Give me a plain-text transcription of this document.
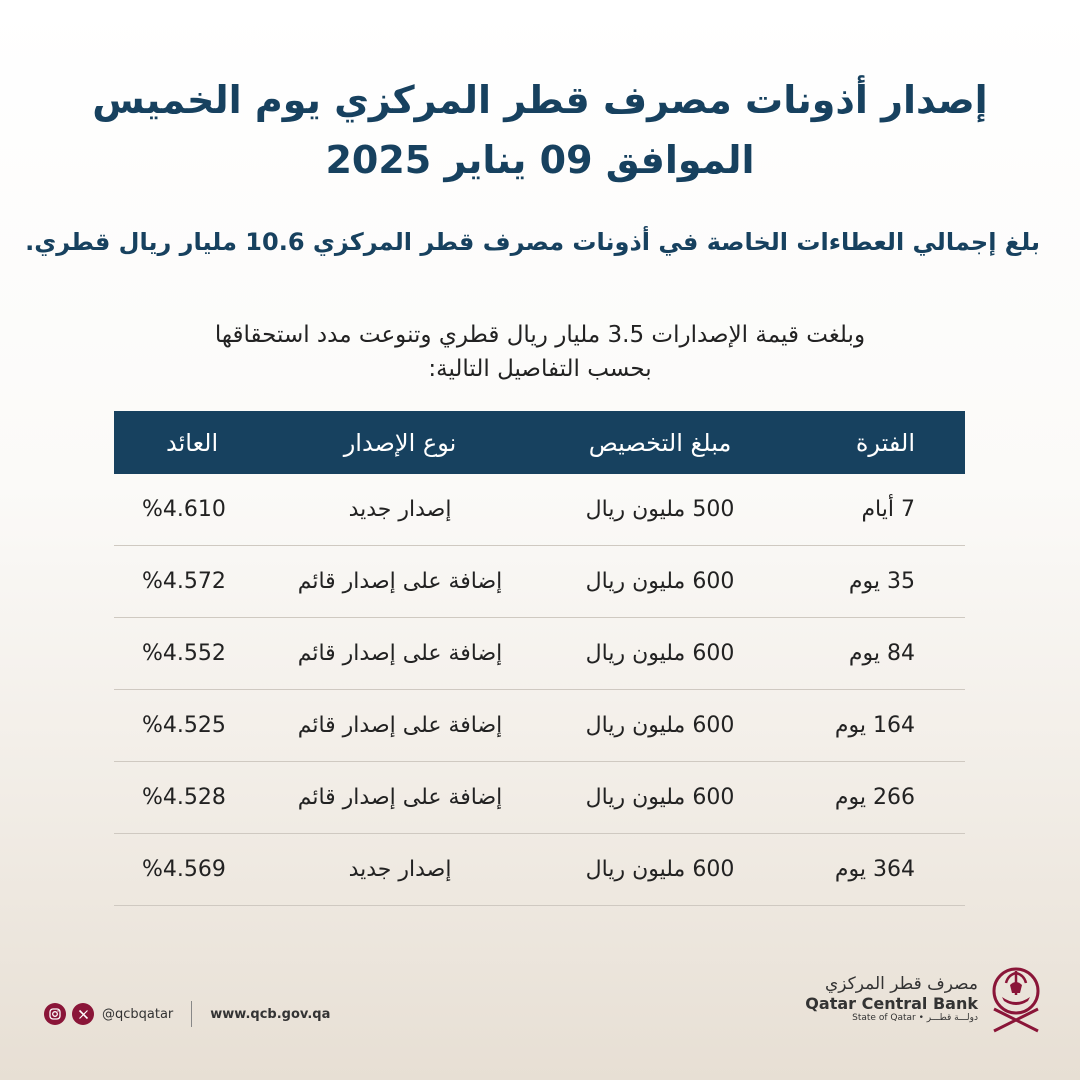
إصدار أذونات مصرف قطر المركزي يوم الخميس
الموافق 09 يناير 2025
بلغ إجمالي العطاءات الخاصة في أذونات مصرف قطر المركزي 10.6 مليار ريال قطري.
وبلغت قيمة الإصدارات 3.5 مليار ريال قطري وتنوعت مدد استحقاقها
بحسب التفاصيل التالية:
الفترة
مبلغ التخصيص
نوع الإصدار
العائد
7 أيام
500 مليون ريال
إصدار جديد
%4.610
35 يوم
600 مليون ريال
إضافة على إصدار قائم
%4.572
84 يوم
600 مليون ريال
إضافة على إصدار قائم
%4.552
164 يوم
600 مليون ريال
إضافة على إصدار قائم
%4.525
266 يوم
600 مليون ريال
إضافة على إصدار قائم
%4.528
364 يوم
600 مليون ريال
إصدار جديد
%4.569
@qcbqatar	www.qcb.gov.qa
مصرف قطر المركزي
Qatar Central Bank
State of Qatar • دولـــة قطـــر
